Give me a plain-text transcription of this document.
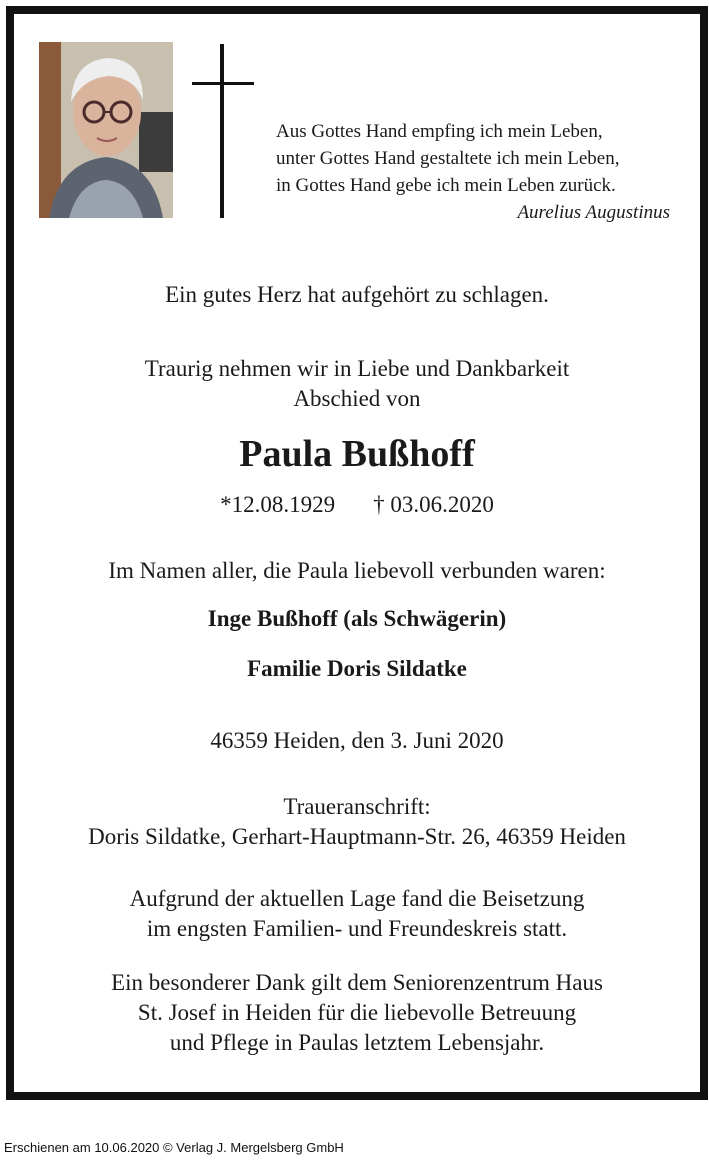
Aus Gottes Hand empfing ich mein Leben,
unter Gottes Hand gestaltete ich mein Leben,
in Gottes Hand gebe ich mein Leben zurück.
Aurelius Augustinus
Ein gutes Herz hat aufgehört zu schlagen.
Traurig nehmen wir in Liebe und Dankbarkeit
Abschied von
Paula Bußhoff
*12.08.1929 † 03.06.2020
Im Namen aller, die Paula liebevoll verbunden waren:
Inge Bußhoff (als Schwägerin)
Familie Doris Sildatke
46359 Heiden, den 3. Juni 2020
Traueranschrift:
Doris Sildatke, Gerhart-Hauptmann-Str. 26, 46359 Heiden
Aufgrund der aktuellen Lage fand die Beisetzung
im engsten Familien- und Freundeskreis statt.
Ein besonderer Dank gilt dem Seniorenzentrum Haus
St. Josef in Heiden für die liebevolle Betreuung
und Pflege in Paulas letztem Lebensjahr.
Erschienen am 10.06.2020 © Verlag J. Mergelsberg GmbH
